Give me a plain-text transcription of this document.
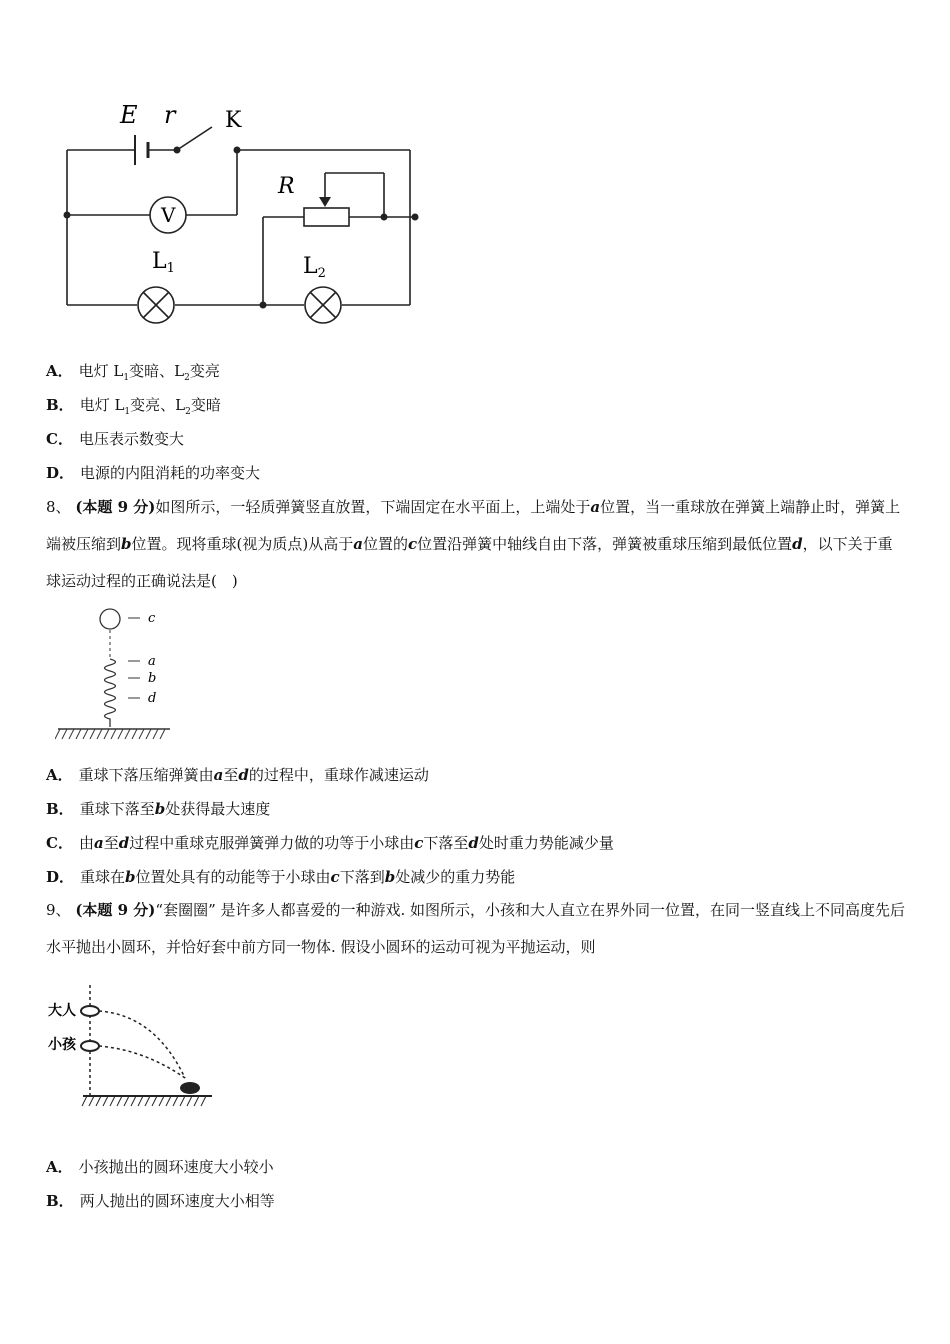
V
E r K
R
L1	L2
A． 电灯 $L_1$变暗、$L_2$变亮
B． 电灯 $L_1$变亮、$L_2$变暗
C． 电压表示数变大
D． 电源的内阻消耗的功率变大
8、 (本题 9 分)如图所示，一轻质弹簧竖直放置，下端固定在水平面上，上端处于a位置，当一重球放在弹簧上端静止时，弹簧上端被压缩到b位置。现将重球(视为质点)从高于a位置的c位置沿弹簧中轴线自由下落，弹簧被重球压缩到最低位置d，以下关于重球运动过程的正确说法是(　)
c
a
b
d
A． 重球下落压缩弹簧由a至d的过程中，重球作减速运动
B． 重球下落至b处获得最大速度
C． 由a至d过程中重球克服弹簧弹力做的功等于小球由c下落至d处时重力势能减少量
D． 重球在b位置处具有的动能等于小球由c下落到b处减少的重力势能
9、 (本题 9 分)“套圈圈” 是许多人都喜爱的一种游戏. 如图所示，小孩和大人直立在界外同一位置，在同一竖直线上不同高度先后水平抛出小圆环，并恰好套中前方同一物体. 假设小圆环的运动可视为平抛运动，则
大人
小孩
A． 小孩抛出的圆环速度大小较小
B． 两人抛出的圆环速度大小相等
